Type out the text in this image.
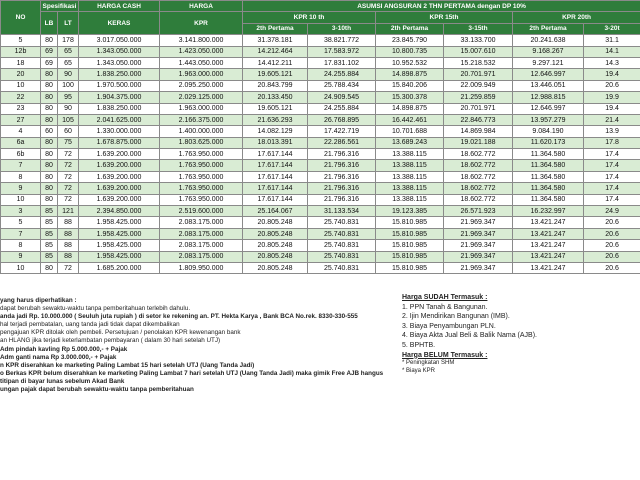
NO	Spesifikasi		HARGA CASH	HARGA	ASUMSI ANGSURAN 2 THN PERTAMA dengan DP 10%					
	LB	LT	KERAS	KPR	KPR 10 th		KPR 15th		KPR 20th	
					2th Pertama	3-10th	2th Pertama	3-15th	2th Pertama	3-20t
5	80	178	3.017.050.000	3.141.800.000	31.378.181	38.821.772	23.845.790	33.133.700	20.241.638	31.1
12b	69	65	1.343.050.000	1.423.050.000	14.212.464	17.583.972	10.800.735	15.007.610	9.168.267	14.1
18	69	65	1.343.050.000	1.443.050.000	14.412.211	17.831.102	10.952.532	15.218.532	9.297.121	14.3
20	80	90	1.838.250.000	1.963.000.000	19.605.121	24.255.884	14.898.875	20.701.971	12.646.997	19.4
10	80	100	1.970.500.000	2.095.250.000	20.843.799	25.788.434	15.840.206	22.009.949	13.446.051	20.6
22	80	95	1.904.375.000	2.029.125.000	20.133.450	24.909.545	15.300.378	21.259.859	12.988.815	19.9
23	80	90	1.838.250.000	1.963.000.000	19.605.121	24.255.884	14.898.875	20.701.971	12.646.997	19.4
27	80	105	2.041.625.000	2.166.375.000	21.636.293	26.768.895	16.442.461	22.846.773	13.957.279	21.4
4	60	60	1.330.000.000	1.400.000.000	14.082.129	17.422.719	10.701.688	14.869.984	9.084.190	13.9
6a	80	75	1.678.875.000	1.803.625.000	18.013.391	22.286.561	13.689.243	19.021.188	11.620.173	17.8
6b	80	72	1.639.200.000	1.763.950.000	17.617.144	21.796.316	13.388.115	18.602.772	11.364.580	17.4
7	80	72	1.639.200.000	1.763.950.000	17.617.144	21.796.316	13.388.115	18.602.772	11.364.580	17.4
8	80	72	1.639.200.000	1.763.950.000	17.617.144	21.796.316	13.388.115	18.602.772	11.364.580	17.4
9	80	72	1.639.200.000	1.763.950.000	17.617.144	21.796.316	13.388.115	18.602.772	11.364.580	17.4
10	80	72	1.639.200.000	1.763.950.000	17.617.144	21.796.316	13.388.115	18.602.772	11.364.580	17.4
3	85	121	2.394.850.000	2.519.600.000	25.164.067	31.133.534	19.123.385	26.571.923	16.232.997	24.9
5	85	88	1.958.425.000	2.083.175.000	20.805.248	25.740.831	15.810.985	21.969.347	13.421.247	20.6
7	85	88	1.958.425.000	2.083.175.000	20.805.248	25.740.831	15.810.985	21.969.347	13.421.247	20.6
8	85	88	1.958.425.000	2.083.175.000	20.805.248	25.740.831	15.810.985	21.969.347	13.421.247	20.6
9	85	88	1.958.425.000	2.083.175.000	20.805.248	25.740.831	15.810.985	21.969.347	13.421.247	20.6
10	80	72	1.685.200.000	1.809.950.000	20.805.248	25.740.831	15.810.985	21.969.347	13.421.247	20.6
yang harus diperhatikan :
dapat berubah sewaktu-waktu tanpa pemberitahuan terlebih dahulu.
anda jadi Rp. 10.000.000 ( Seuluh juta rupiah ) di setor ke rekening an. PT. Hekta Karya , Bank BCA No.rek. 8330-330-555
hal terjadi pembatalan, uang tanda jadi tidak dapat dikembalikan
pengajuan KPR ditolak oleh pembeli. Persetujuan / penolakan KPR kewenangan bank
an HLANG jika terjadi keterlambatan pembayaran ( dalam 30 hari setelah UTJ)
Adm pindah kavling Rp 5.000.000,- + Pajak
Adm ganti nama Rp 3.000.000,- + Pajak
n KPR diserahkan ke marketing Paling Lambat 15 hari setelah UTJ (Uang Tanda Jadi)
o Berkas KPR belum diserahkan ke marketing Paling Lambat 7 hari setelah UTJ (Uang Tanda Jadi) maka gimik Free AJB hangus
titipan di bayar lunas sebelum Akad Bank
ungan pajak dapat berubah sewaktu-waktu tanpa pemberitahuan
Harga SUDAH Termasuk :
1. PPN Tanah & Bangunan.
2. Ijin Mendirikan Bangunan (IMB).
3. Biaya Penyambungan PLN.
4. Biaya Akta Jual Beli & Balik Nama (AJB).
5. BPHTB.
Harga BELUM Termasuk :
* Peningkatan SHM
* Biaya KPR
